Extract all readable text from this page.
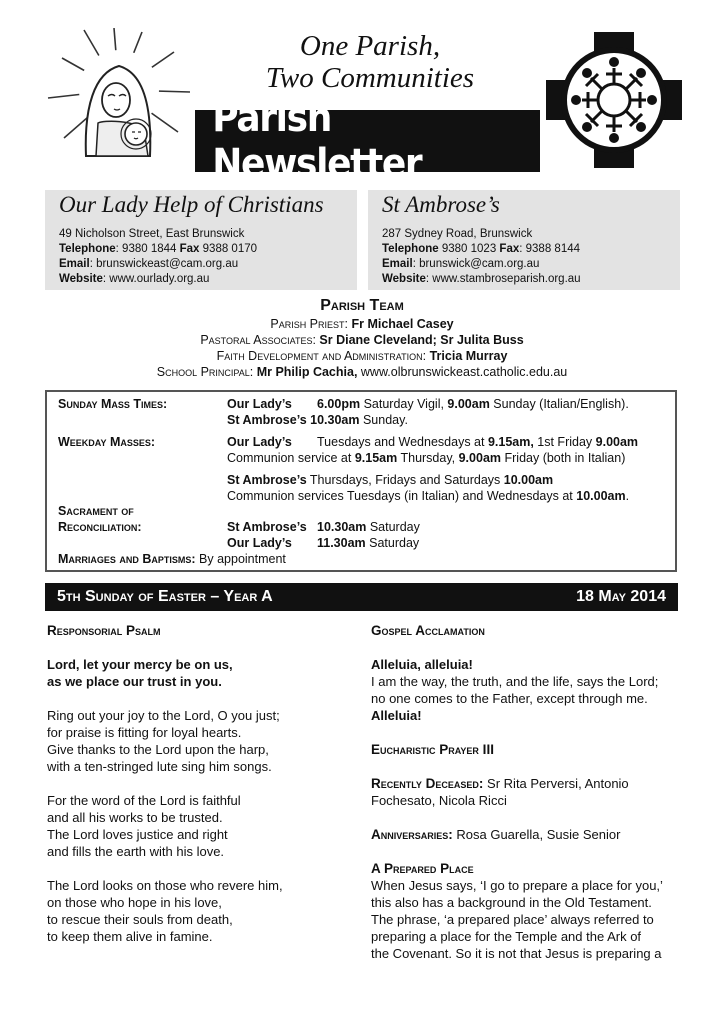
One Parish,
Two Communities
Parish Newsletter
Our Lady Help of Christians
49 Nicholson Street, East Brunswick
Telephone: 9380 1844 Fax 9388 0170
Email: brunswickeast@cam.org.au
Website: www.ourlady.org.au
St Ambrose’s
287 Sydney Road, Brunswick
Telephone 9380 1023 Fax: 9388 8144
Email: brunswick@cam.org.au
Website: www.stambroseparish.org.au
Parish Team
Parish Priest: Fr Michael Casey
Pastoral Associates: Sr Diane Cleveland; Sr Julita Buss
Faith Development and Administration: Tricia Murray
School Principal: Mr Philip Cachia, www.olbrunswickeast.catholic.edu.au
Sunday Mass Times:	Our Lady’s 6.00pm Saturday Vigil, 9.00am Sunday (Italian/English).
St Ambrose’s 10.30am Sunday.
Weekday Masses:	Our Lady’s Tuesdays and Wednesdays at 9.15am, 1st Friday 9.00am
Communion service at 9.15am Thursday, 9.00am Friday (both in Italian)
St Ambrose’s Thursdays, Fridays and Saturdays 10.00am
Communion services Tuesdays (in Italian) and Wednesdays at 10.00am.
Sacrament of
Reconciliation:	St Ambrose’s 10.30am Saturday
Our Lady’s 11.30am Saturday
Marriages and Baptisms: By appointment
5th Sunday of Easter – Year A	18 May 2014
Responsorial Psalm
Lord, let your mercy be on us,
as we place our trust in you.
Ring out your joy to the Lord, O you just;
for praise is fitting for loyal hearts.
Give thanks to the Lord upon the harp,
with a ten-stringed lute sing him songs.
For the word of the Lord is faithful
and all his works to be trusted.
The Lord loves justice and right
and fills the earth with his love.
The Lord looks on those who revere him,
on those who hope in his love,
to rescue their souls from death,
to keep them alive in famine.
Gospel Acclamation
Alleluia, alleluia!
I am the way, the truth, and the life, says the Lord;
no one comes to the Father, except through me.
Alleluia!
Eucharistic Prayer III
Recently Deceased: Sr Rita Perversi, Antonio
Fochesato, Nicola Ricci
Anniversaries: Rosa Guarella, Susie Senior
A Prepared Place
When Jesus says, ‘I go to prepare a place for you,’
this also has a background in the Old Testament.
The phrase, ‘a prepared place’ always referred to
preparing a place for the Temple and the Ark of
the Covenant. So it is not that Jesus is preparing a
